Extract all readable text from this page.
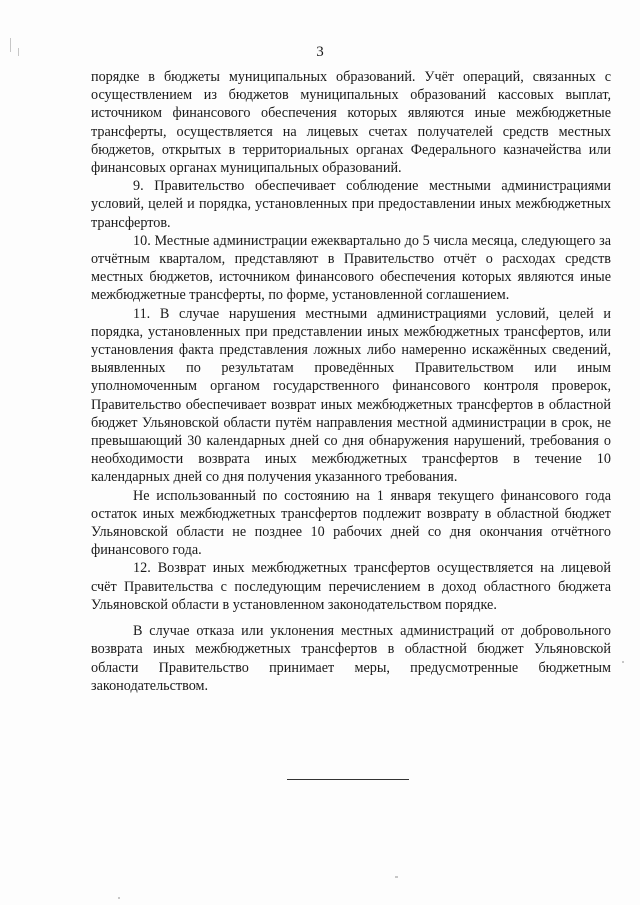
3

порядке в бюджеты муниципальных образований. Учёт операций, связанных с осуществлением из бюджетов муниципальных образований кассовых выплат, источником финансового обеспечения которых являются иные межбюджетные трансферты, осуществляется на лицевых счетах получателей средств местных бюджетов, открытых в территориальных органах Федерального казначейства или финансовых органах муниципальных образований.

9. Правительство обеспечивает соблюдение местными администрациями условий, целей и порядка, установленных при предоставлении иных межбюджетных трансфертов.

10. Местные администрации ежеквартально до 5 числа месяца, следующего за отчётным кварталом, представляют в Правительство отчёт о расходах средств местных бюджетов, источником финансового обеспечения которых являются иные межбюджетные трансферты, по форме, установленной соглашением.

11. В случае нарушения местными администрациями условий, целей и порядка, установленных при представлении иных межбюджетных трансфертов, или установления факта представления ложных либо намеренно искажённых сведений, выявленных по результатам проведённых Правительством или иным уполномоченным органом государственного финансового контроля проверок, Правительство обеспечивает возврат иных межбюджетных трансфертов в областной бюджет Ульяновской области путём направления местной администрации в срок, не превышающий 30 календарных дней со дня обнаружения нарушений, требования о необходимости возврата иных межбюджетных трансфертов в течение 10 календарных дней со дня получения указанного требования.

Не использованный по состоянию на 1 января текущего финансового года остаток иных межбюджетных трансфертов подлежит возврату в областной бюджет Ульяновской области не позднее 10 рабочих дней со дня окончания отчётного финансового года.

12. Возврат иных межбюджетных трансфертов осуществляется на лицевой счёт Правительства с последующим перечислением в доход областного бюджета Ульяновской области в установленном законодательством порядке.

В случае отказа или уклонения местных администраций от добровольного возврата иных межбюджетных трансфертов в областной бюджет Ульяновской области Правительство принимает меры, предусмотренные бюджетным законодательством.
